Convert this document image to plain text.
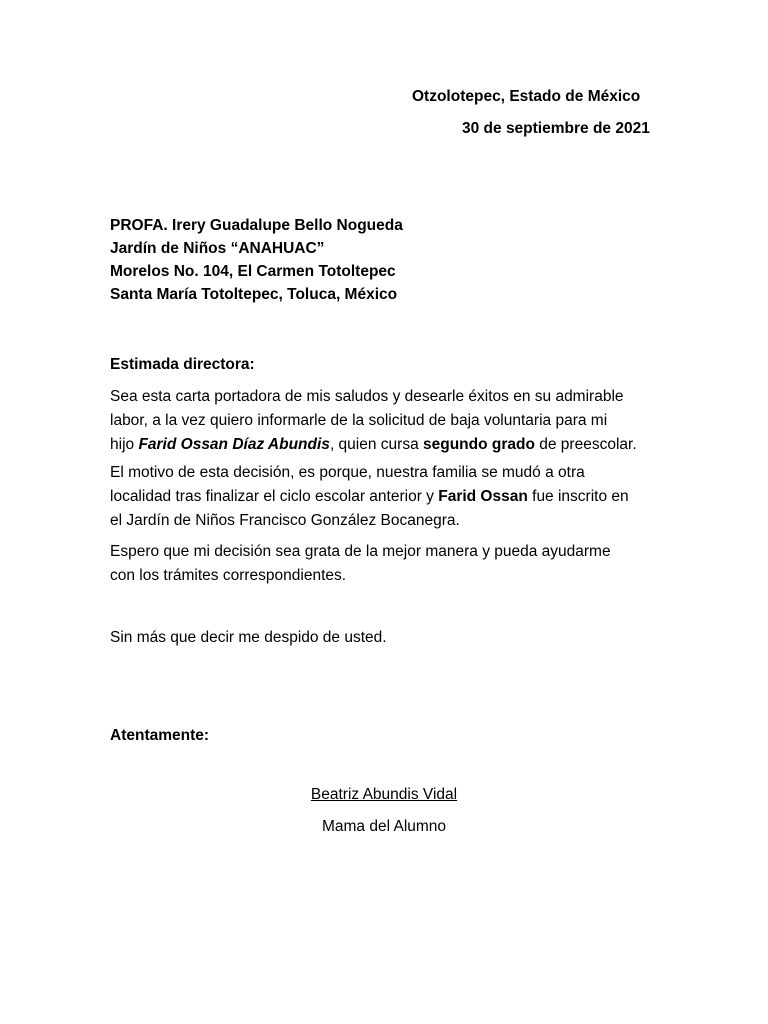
Otzolotepec, Estado de México
30 de septiembre de 2021
PROFA. Irery Guadalupe Bello Nogueda
Jardín de Niños “ANAHUAC”
Morelos No. 104, El Carmen Totoltepec
Santa María Totoltepec, Toluca, México
Estimada directora:
Sea esta carta portadora de mis saludos y desearle éxitos en su admirable
labor, a la vez quiero informarle de la solicitud de baja voluntaria para mi
hijo Farid Ossan Díaz Abundis, quien cursa segundo grado de preescolar.
El motivo de esta decisión, es porque, nuestra familia se mudó a otra
localidad tras finalizar el ciclo escolar anterior y Farid Ossan fue inscrito en
el Jardín de Niños Francisco González Bocanegra.
Espero que mi decisión sea grata de la mejor manera y pueda ayudarme
con los trámites correspondientes.
Sin más que decir me despido de usted.
Atentamente:
Beatriz Abundis Vidal
Mama del Alumno
